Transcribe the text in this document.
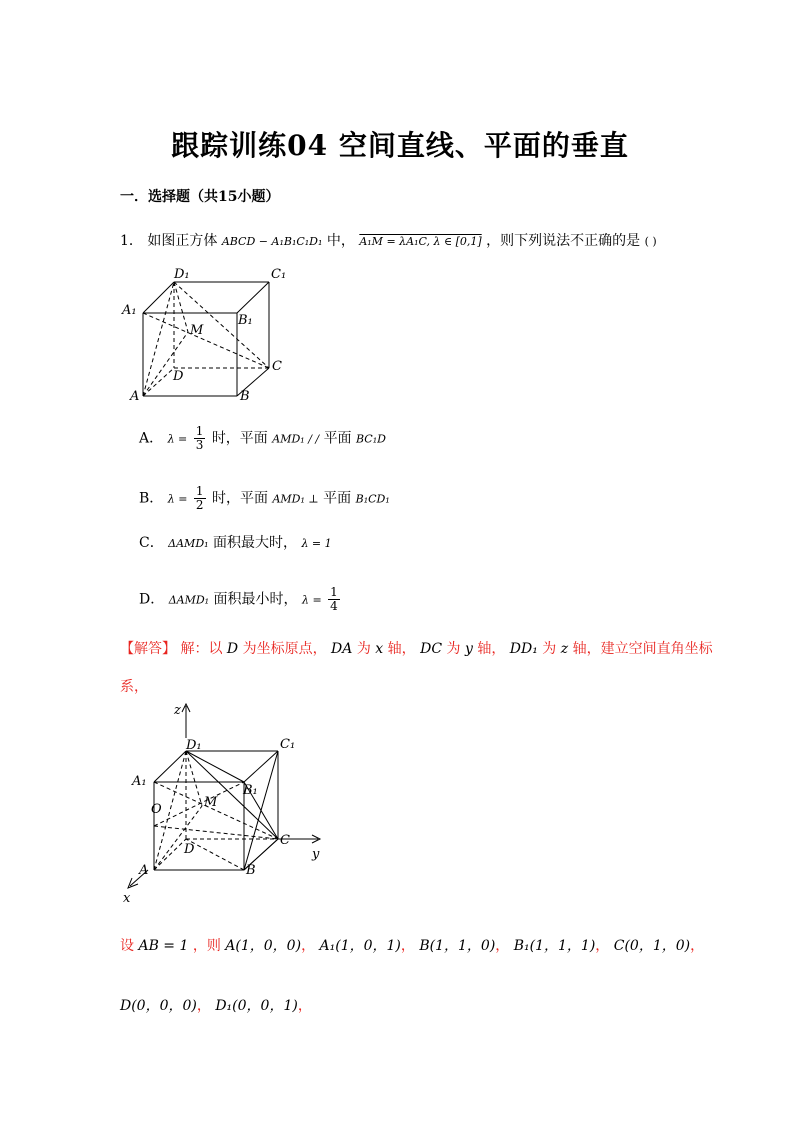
跟踪训练04 空间直线、平面的垂直
一．选择题（共15小题）
1． 如图正方体 ABCD − A₁B₁C₁D₁ 中， A₁M = λA₁C, λ ∈ [0,1] ，则下列说法不正确的是 ( )
D₁	C₁
A₁
B₁
M
D
C
A	B
A． $\lambda = \frac{1}{3}$ 时，平面 AMD₁ / / 平面 BC₁D
B． $\lambda = \frac{1}{2}$ 时，平面 AMD₁ ⊥ 平面 B₁CD₁
C． ΔAMD₁ 面积最大时， λ = 1
D． ΔAMD₁ 面积最小时， $\lambda = \frac{1}{4}$
【解答】 解：以 D 为坐标原点， DA 为 x 轴， DC 为 y 轴， DD₁ 为 z 轴，建立空间直角坐标
系，
z
D₁	C₁
A₁
B₁
O	M
D
C
y
A	B
x
设 AB = 1 ，则 A(1，0，0)， A₁(1，0，1)， B(1，1，0)， B₁(1，1，1)， C(0，1，0)，
D(0，0，0)， D₁(0，0，1)，
